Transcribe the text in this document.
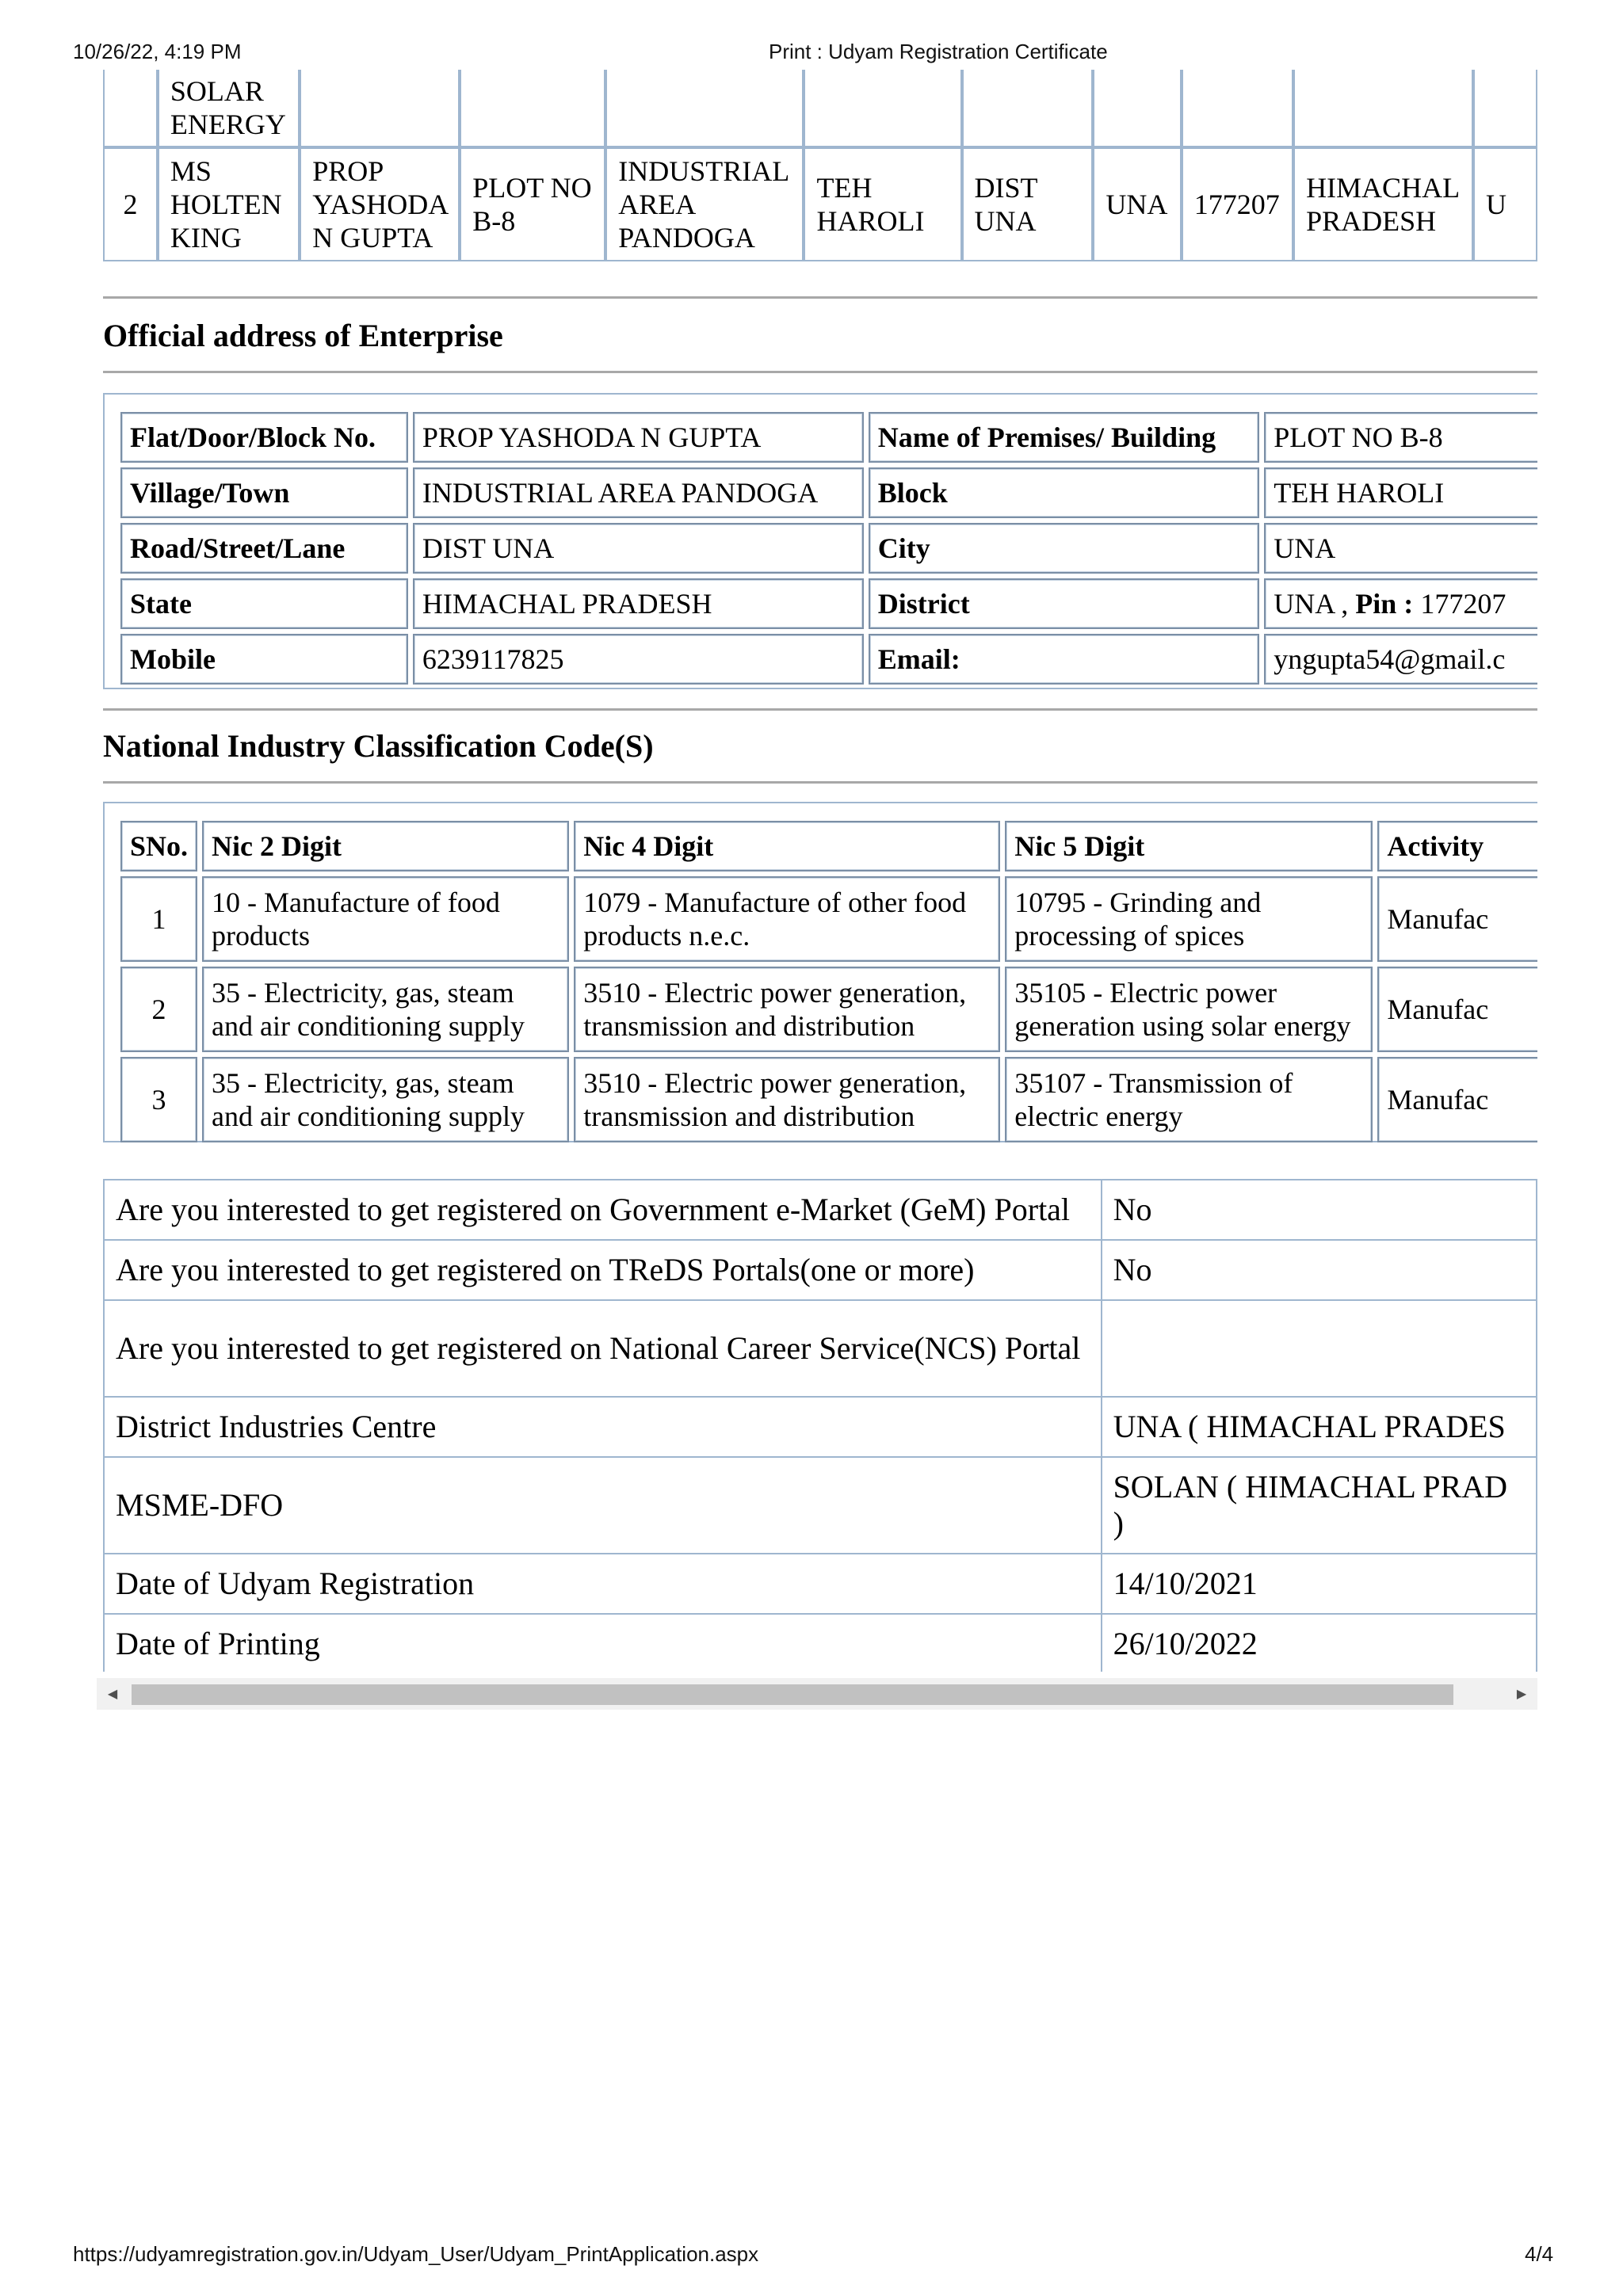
10/26/22, 4:19 PM	Print : Udyam Registration Certificate
	SOLAR ENERGY									
2	MS HOLTEN KING	PROP YASHODA N GUPTA	PLOT NO B-8	INDUSTRIAL AREA PANDOGA	TEH HAROLI	DIST UNA	UNA	177207	HIMACHAL PRADESH	U
Official address of Enterprise
Flat/Door/Block No.	PROP YASHODA N GUPTA	Name of Premises/ Building	PLOT NO B-8
Village/Town	INDUSTRIAL AREA PANDOGA	Block	TEH HAROLI
Road/Street/Lane	DIST UNA	City	UNA
State	HIMACHAL PRADESH	District	UNA , Pin : 177207
Mobile	6239117825	Email:	yngupta54@gmail.c
National Industry Classification Code(S)
SNo.	Nic 2 Digit	Nic 4 Digit	Nic 5 Digit	Activity
1	10 - Manufacture of food products	1079 - Manufacture of other food products n.e.c.	10795 - Grinding and processing of spices	Manufac
2	35 - Electricity, gas, steam and air conditioning supply	3510 - Electric power generation, transmission and distribution	35105 - Electric power generation using solar energy	Manufac
3	35 - Electricity, gas, steam and air conditioning supply	3510 - Electric power generation, transmission and distribution	35107 - Transmission of electric energy	Manufac
Are you interested to get registered on Government e-Market (GeM) Portal	No
Are you interested to get registered on TReDS Portals(one or more)	No
Are you interested to get registered on National Career Service(NCS) Portal	
District Industries Centre	UNA ( HIMACHAL PRADES
MSME-DFO	SOLAN ( HIMACHAL PRAD )
Date of Udyam Registration	14/10/2021
Date of Printing	26/10/2022
◀	▶
https://udyamregistration.gov.in/Udyam_User/Udyam_PrintApplication.aspx	4/4
